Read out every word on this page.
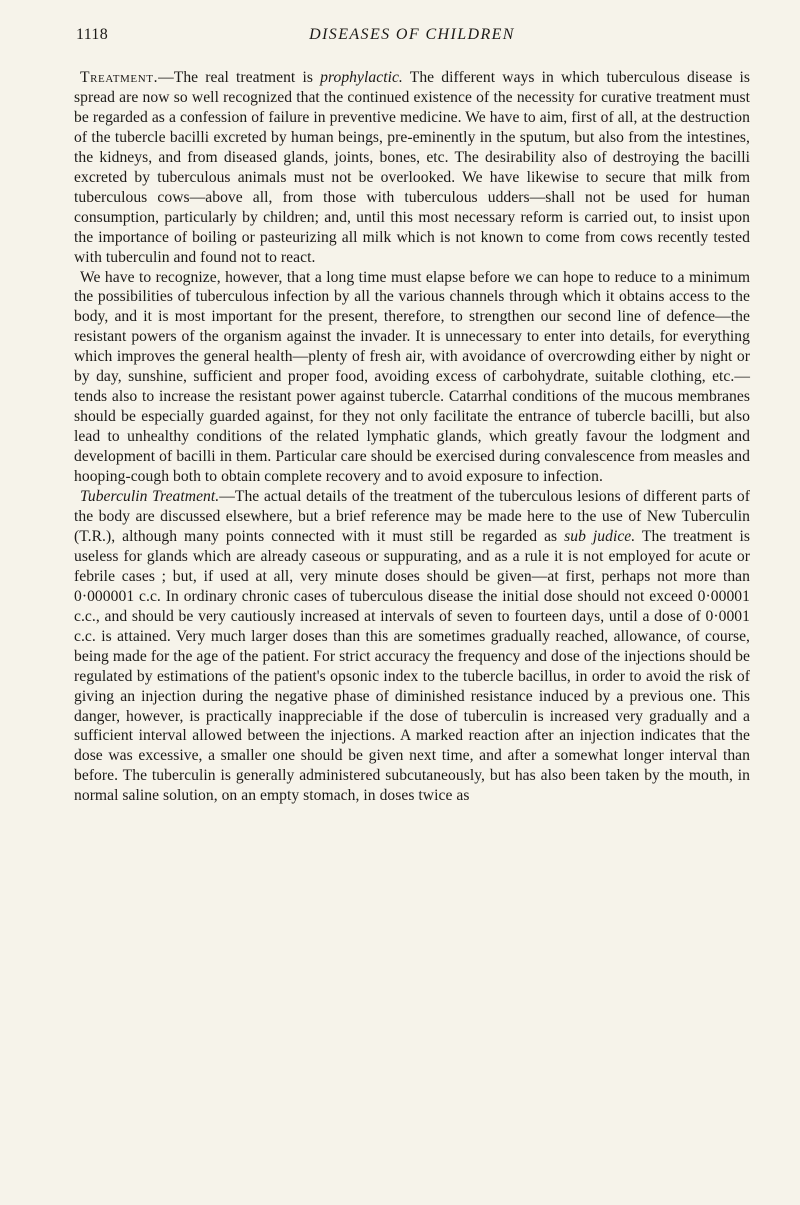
1118	DISEASES OF CHILDREN

Treatment.—The real treatment is prophylactic. The different ways in which tuberculous disease is spread are now so well recognized that the continued existence of the necessity for curative treatment must be regarded as a confession of failure in preventive medicine. We have to aim, first of all, at the destruction of the tubercle bacilli excreted by human beings, pre-eminently in the sputum, but also from the intestines, the kidneys, and from diseased glands, joints, bones, etc. The desirability also of destroying the bacilli excreted by tuberculous animals must not be overlooked. We have likewise to secure that milk from tuberculous cows—above all, from those with tuberculous udders—shall not be used for human consumption, particularly by children; and, until this most necessary reform is carried out, to insist upon the importance of boiling or pasteurizing all milk which is not known to come from cows recently tested with tuberculin and found not to react.

We have to recognize, however, that a long time must elapse before we can hope to reduce to a minimum the possibilities of tuberculous infection by all the various channels through which it obtains access to the body, and it is most important for the present, therefore, to strengthen our second line of defence—the resistant powers of the organism against the invader. It is unnecessary to enter into details, for everything which improves the general health—plenty of fresh air, with avoidance of overcrowding either by night or by day, sunshine, sufficient and proper food, avoiding excess of carbohydrate, suitable clothing, etc.—tends also to increase the resistant power against tubercle. Catarrhal conditions of the mucous membranes should be especially guarded against, for they not only facilitate the entrance of tubercle bacilli, but also lead to unhealthy conditions of the related lymphatic glands, which greatly favour the lodgment and development of bacilli in them. Particular care should be exercised during convalescence from measles and hooping-cough both to obtain complete recovery and to avoid exposure to infection.

Tuberculin Treatment.—The actual details of the treatment of the tuberculous lesions of different parts of the body are discussed elsewhere, but a brief reference may be made here to the use of New Tuberculin (T.R.), although many points connected with it must still be regarded as sub judice. The treatment is useless for glands which are already caseous or suppurating, and as a rule it is not employed for acute or febrile cases ; but, if used at all, very minute doses should be given—at first, perhaps not more than 0·000001 c.c. In ordinary chronic cases of tuberculous disease the initial dose should not exceed 0·00001 c.c., and should be very cautiously increased at intervals of seven to fourteen days, until a dose of 0·0001 c.c. is attained. Very much larger doses than this are sometimes gradually reached, allowance, of course, being made for the age of the patient. For strict accuracy the frequency and dose of the injections should be regulated by estimations of the patient's opsonic index to the tubercle bacillus, in order to avoid the risk of giving an injection during the negative phase of diminished resistance induced by a previous one. This danger, however, is practically inappreciable if the dose of tuberculin is increased very gradually and a sufficient interval allowed between the injections. A marked reaction after an injection indicates that the dose was excessive, a smaller one should be given next time, and after a somewhat longer interval than before. The tuberculin is generally administered subcutaneously, but has also been taken by the mouth, in normal saline solution, on an empty stomach, in doses twice as
